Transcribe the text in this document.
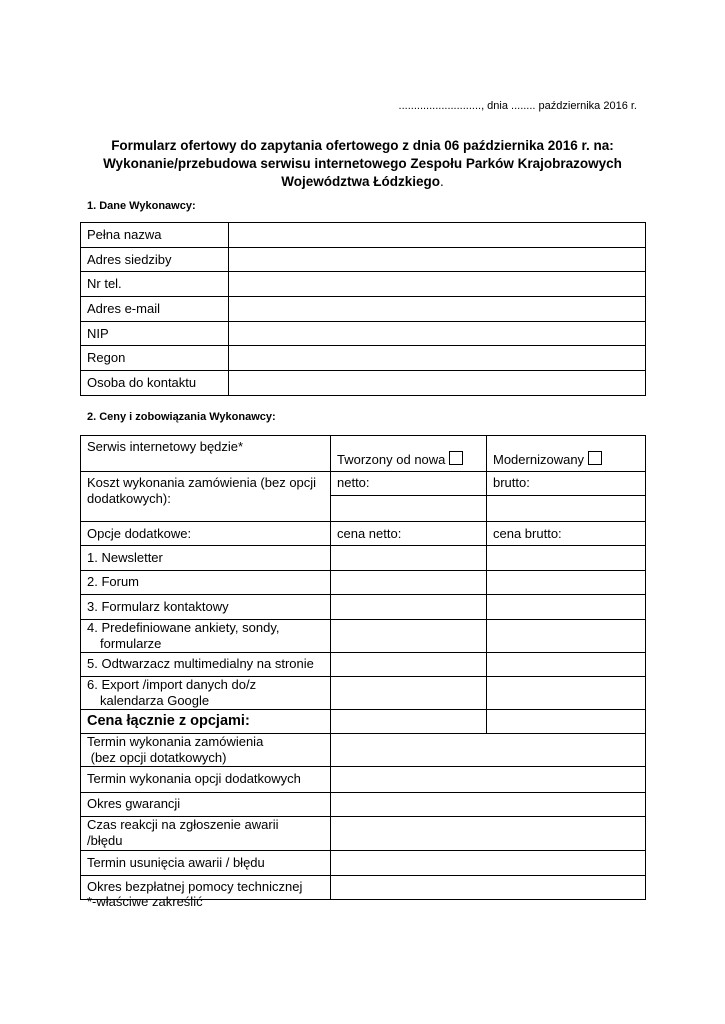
..........................., dnia ........ października 2016 r.
Formularz ofertowy do zapytania ofertowego z dnia 06 października 2016 r. na:
Wykonanie/przebudowa serwisu internetowego Zespołu Parków Krajobrazowych
Województwa Łódzkiego.
1. Dane Wykonawcy:
Pełna nazwa	
Adres siedziby	
Nr tel.	
Adres e-mail	
NIP	
Regon	
Osoba do kontaktu	
2. Ceny i zobowiązania Wykonawcy:
Serwis internetowy będzie*	Tworzony od nowa	Modernizowany
Koszt wykonania zamówienia (bez opcji dodatkowych):	netto:	brutto:

Opcje dodatkowe:	cena netto:	cena brutto:
1. Newsletter		
2. Forum		
3. Formularz kontaktowy		

4. Predefiniowane ankiety, sondy,
formularze		

5. Odtwarzacz multimedialny na stronie		

6. Export /import danych do/z
kalendarza Google		

Cena łącznie z opcjami:		

Termin wykonania zamówienia
(bez opcji dotatkowych)		

Termin wykonania opcji dodatkowych		
Okres gwarancji		

Czas reakcji na zgłoszenie awarii
/błędu		

Termin usunięcia awarii / błędu		
Okres bezpłatnej pomocy technicznej		
*-właściwe zakreślić
